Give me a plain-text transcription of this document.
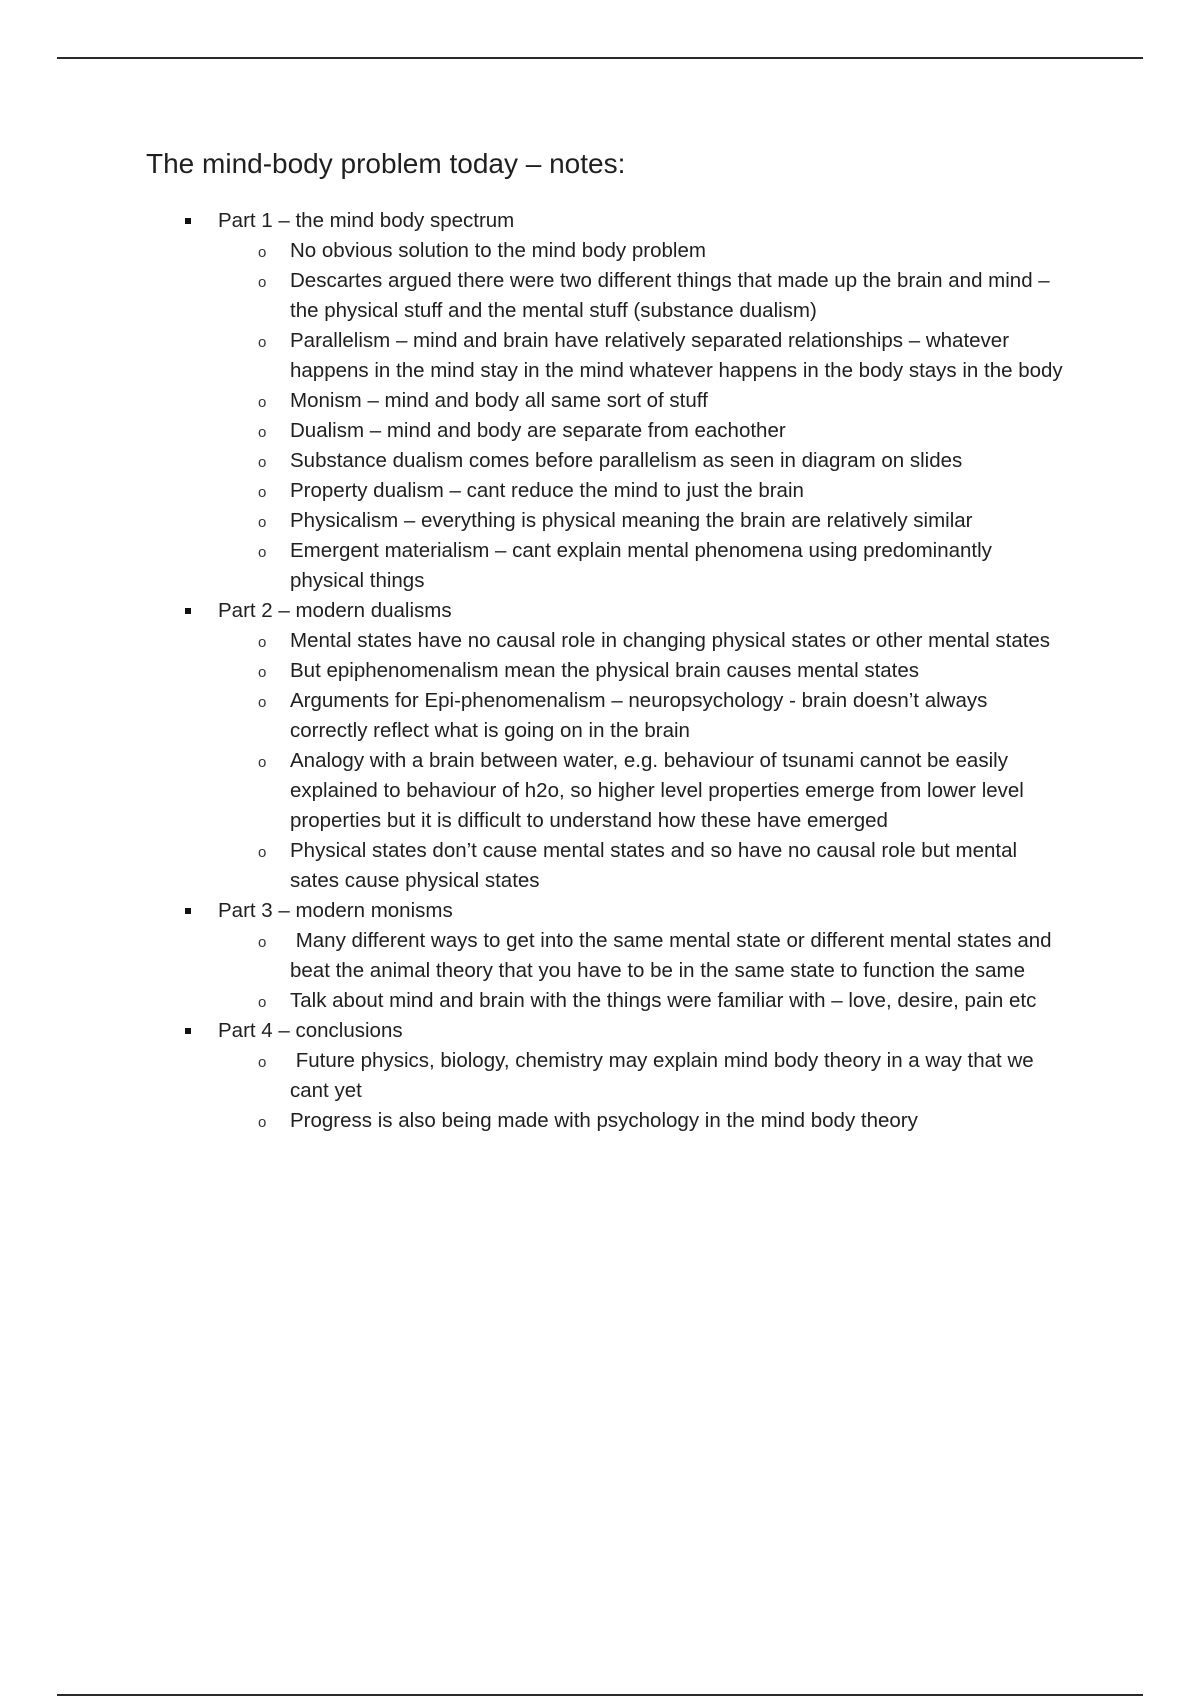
The mind-body problem today – notes:
Part 1 – the mind body spectrum
o No obvious solution to the mind body problem
o Descartes argued there were two different things that made up the brain and mind – the physical stuff and the mental stuff (substance dualism)
o Parallelism – mind and brain have relatively separated relationships – whatever happens in the mind stay in the mind whatever happens in the body stays in the body
o Monism – mind and body all same sort of stuff
o Dualism – mind and body are separate from eachother
o Substance dualism comes before parallelism as seen in diagram on slides
o Property dualism – cant reduce the mind to just the brain
o Physicalism – everything is physical meaning the brain are relatively similar
o Emergent materialism – cant explain mental phenomena using predominantly physical things
Part 2 – modern dualisms
o Mental states have no causal role in changing physical states or other mental states
o But epiphenomenalism mean the physical brain causes mental states
o Arguments for Epi-phenomenalism – neuropsychology - brain doesn’t always correctly reflect what is going on in the brain
o Analogy with a brain between water, e.g. behaviour of tsunami cannot be easily explained to behaviour of h2o, so higher level properties emerge from lower level properties but it is difficult to understand how these have emerged
o Physical states don’t cause mental states and so have no causal role but mental sates cause physical states
Part 3 – modern monisms
o Many different ways to get into the same mental state or different mental states and beat the animal theory that you have to be in the same state to function the same
o Talk about mind and brain with the things were familiar with – love, desire, pain etc
Part 4 – conclusions
o Future physics, biology, chemistry may explain mind body theory in a way that we cant yet
o Progress is also being made with psychology in the mind body theory
